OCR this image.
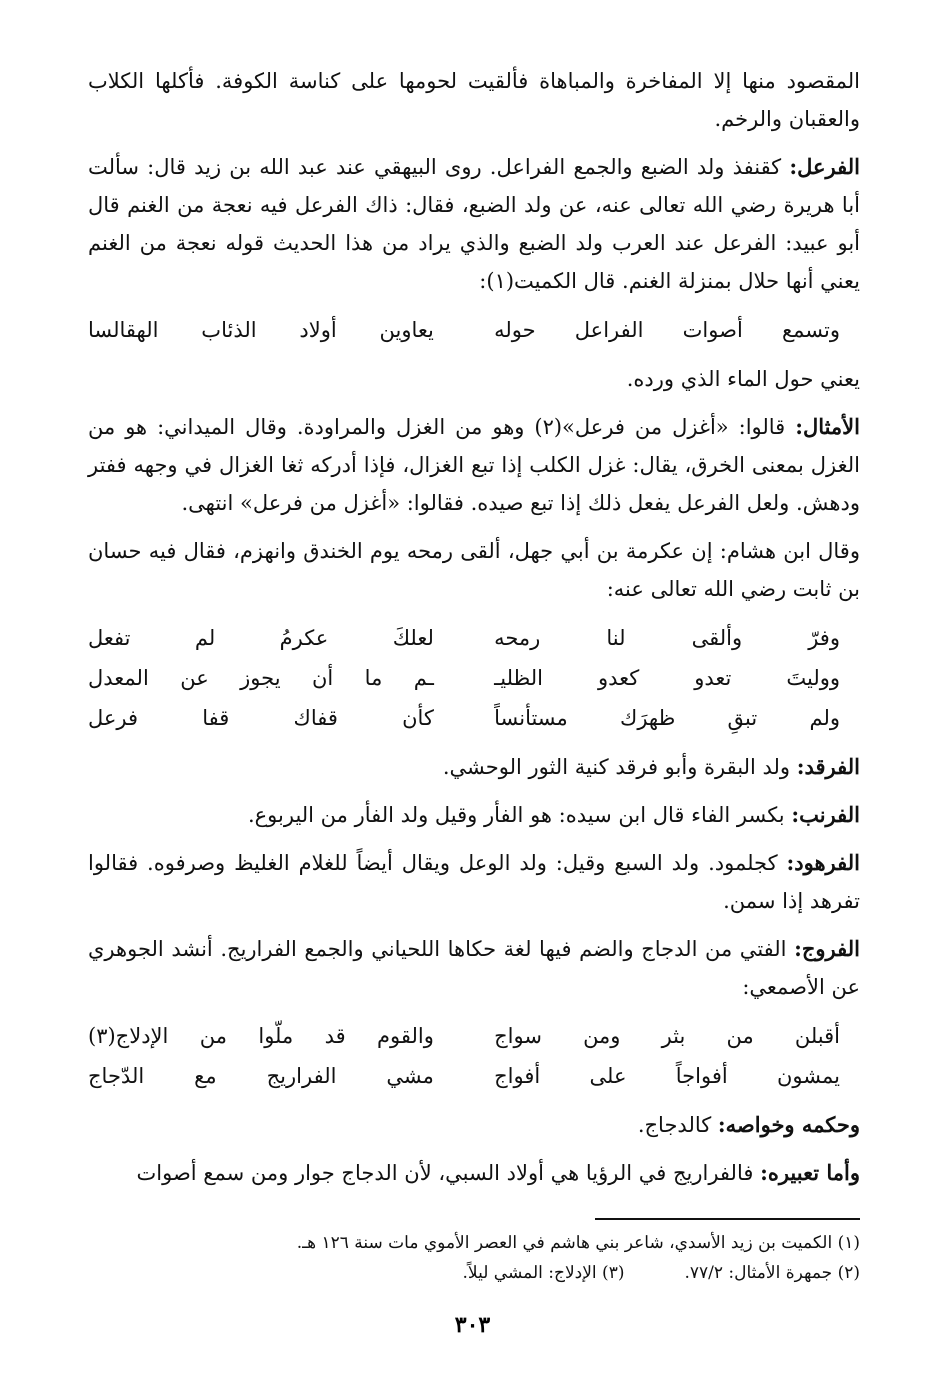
المقصود منها إلا المفاخرة والمباهاة فألقيت لحومها على كناسة الكوفة. فأكلها الكلاب والعقبان والرخم.

الفرعل: كقنفذ ولد الضبع والجمع الفراعل. روى البيهقي عند عبد الله بن زيد قال: سألت أبا هريرة رضي الله تعالى عنه، عن ولد الضبع، فقال: ذاك الفرعل فيه نعجة من الغنم قال أبو عبيد: الفرعل عند العرب ولد الضبع والذي يراد من هذا الحديث قوله نعجة من الغنم يعني أنها حلال بمنزلة الغنم. قال الكميت(١):

وتسمع أصوات الفراعل حوله
يعاوين أولاد الذئاب الهقالسا

يعني حول الماء الذي ورده.

الأمثال: قالوا: «أغزل من فرعل»(٢) وهو من الغزل والمراودة. وقال الميداني: هو من الغزل بمعنى الخرق، يقال: غزل الكلب إذا تبع الغزال، فإذا أدركه ثغا الغزال في وجهه ففتر ودهش. ولعل الفرعل يفعل ذلك إذا تبع صيده. فقالوا: «أغزل من فرعل» انتهى.

وقال ابن هشام: إن عكرمة بن أبي جهل، ألقى رمحه يوم الخندق وانهزم، فقال فيه حسان بن ثابت رضي الله تعالى عنه:

وفرّ وألقى لنا رمحه
لعلكَ عكرمُ لم تفعل
ووليتَ تعدو كعدو الظليـ
ـم ما أن يجوز عن المعدل
ولم تبقِ ظهرَك مستأنساً
كأن قفاك قفا فرعل

الفرقد: ولد البقرة وأبو فرقد كنية الثور الوحشي.

الفرنب: بكسر الفاء قال ابن سيده: هو الفأر وقيل ولد الفأر من اليربوع.

الفرهود: كجلمود. ولد السبع وقيل: ولد الوعل ويقال أيضاً للغلام الغليظ وصرفوه. فقالوا تفرهد إذا سمن.

الفروج: الفتي من الدجاج والضم فيها لغة حكاها اللحياني والجمع الفراريج. أنشد الجوهري عن الأصمعي:

أقبلن من بثر ومن سواج
والقوم قد ملّوا من الإدلاج(٣)
يمشون أفواجاً على أفواج
مشي الفراريج مع الدّجاج

وحكمه وخواصه: كالدجاج.

وأما تعبيره: فالفراريج في الرؤيا هي أولاد السبي، لأن الدجاج جوار ومن سمع أصوات

(١) الكميت بن زيد الأسدي، شاعر بني هاشم في العصر الأموي مات سنة ١٢٦ هـ.

(٢) جمهرة الأمثال: ٧٧/٢.
(٣) الإدلاج: المشي ليلاً.
٣٠٣
